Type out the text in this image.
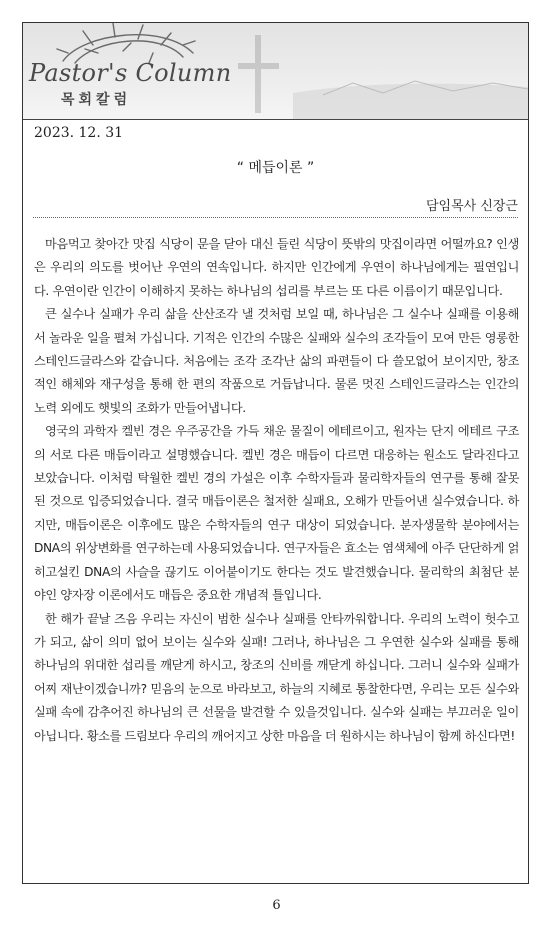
Pastor's Column
목회칼럼
2023. 12. 31
“ 메듭이론 ”
담임목사 신장근

마음먹고 찾아간 맛집 식당이 문을 닫아 대신 들린 식당이 뜻밖의 맛집이라면 어떨까요? 인생은 우리의 의도를 벗어난 우연의 연속입니다. 하지만 인간에게 우연이 하나님에게는 필연입니다. 우연이란 인간이 이해하지 못하는 하나님의 섭리를 부르는 또 다른 이름이기 때문입니다.

큰 실수나 실패가 우리 삶을 산산조각 낼 것처럼 보일 때, 하나님은 그 실수나 실패를 이용해서 놀라운 일을 펼쳐 가십니다. 기적은 인간의 수많은 실패와 실수의 조각들이 모여 만든 영롱한 스테인드글라스와 같습니다. 처음에는 조각 조각난 삶의 파편들이 다 쓸모없어 보이지만, 창조적인 해체와 재구성을 통해 한 편의 작품으로 거듭납니다. 물론 멋진 스테인드글라스는 인간의 노력 외에도 햇빛의 조화가 만들어냅니다.

영국의 과학자 켈빈 경은 우주공간을 가득 채운 물질이 에테르이고, 원자는 단지 에테르 구조의 서로 다른 매듭이라고 설명했습니다. 켈빈 경은 매듭이 다르면 대응하는 원소도 달라진다고 보았습니다. 이처럼 탁월한 켈빈 경의 가설은 이후 수학자들과 물리학자들의 연구를 통해 잘못된 것으로 입증되었습니다. 결국 매듭이론은 철저한 실패요, 오해가 만들어낸 실수였습니다. 하지만, 매듭이론은 이후에도 많은 수학자들의 연구 대상이 되었습니다. 분자생물학 분야에서는 DNA의 위상변화를 연구하는데 사용되었습니다. 연구자들은 효소는 염색체에 아주 단단하게 얽히고설킨 DNA의 사슬을 끊기도 이어붙이기도 한다는 것도 발견했습니다. 물리학의 최첨단 분야인 양자장 이론에서도 매듭은 중요한 개념적 틀입니다.

한 해가 끝날 즈음 우리는 자신이 범한 실수나 실패를 안타까워합니다. 우리의 노력이 헛수고가 되고, 삶이 의미 없어 보이는 실수와 실패! 그러나, 하나님은 그 우연한 실수와 실패를 통해 하나님의 위대한 섭리를 깨닫게 하시고, 창조의 신비를 깨닫게 하십니다. 그러니 실수와 실패가 어찌 재난이겠습니까? 믿음의 눈으로 바라보고, 하늘의 지혜로 통찰한다면, 우리는 모든 실수와 실패 속에 감추어진 하나님의 큰 선물을 발견할 수 있을것입니다. 실수와 실패는 부끄러운 일이 아닙니다. 황소를 드림보다 우리의 깨어지고 상한 마음을 더 원하시는 하나님이 함께 하신다면!

6
